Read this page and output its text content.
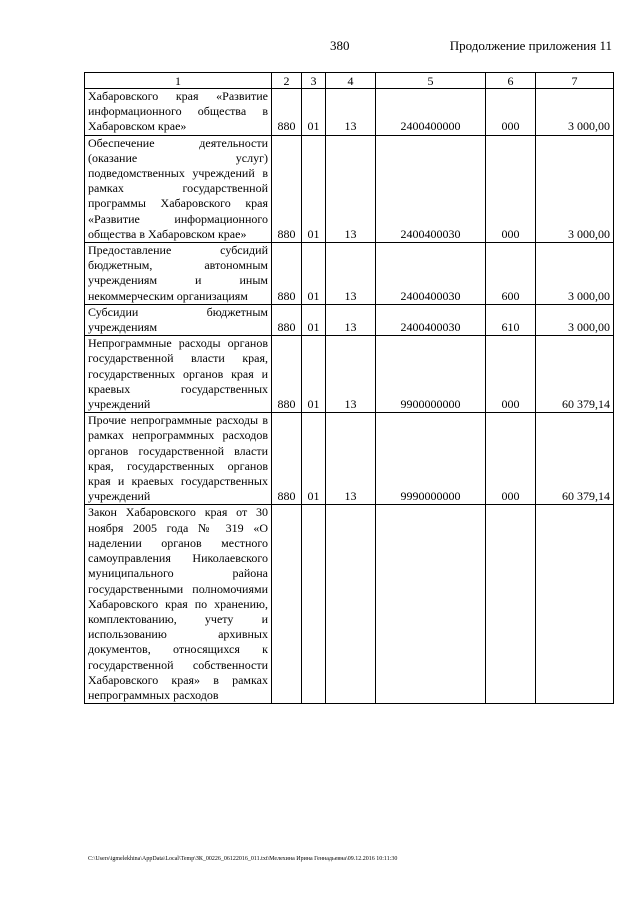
380	Продолжение приложения 11
1	2	3	4	5	6	7
Хабаровского края «Развитие информационного общества в Хабаровском крае»	880	01	13	2400400000	000	3 000,00
Обеспечение деятельности (оказание услуг) подведомственных учреждений в рамках государственной программы Хабаровского края «Развитие информационного общества в Хабаровском крае»	880	01	13	2400400030	000	3 000,00
Предоставление субсидий бюджетным, автономным учреждениям и иным некоммерческим организациям	880	01	13	2400400030	600	3 000,00
Субсидии бюджетным учреждениям	880	01	13	2400400030	610	3 000,00
Непрограммные расходы органов государственной власти края, государственных органов края и краевых государственных учреждений	880	01	13	9900000000	000	60 379,14
Прочие непрограммные расходы в рамках непрограммных расходов органов государственной власти края, государственных органов края и краевых государственных учреждений	880	01	13	9990000000	000	60 379,14
Закон Хабаровского края от 30 ноября 2005 года № 319 «О наделении органов местного самоуправления Николаевского муниципального района государственными полномочиями Хабаровского края по хранению, комплектованию, учету и использованию архивных документов, относящихся к государственной собственности Хабаровского края» в рамках непрограммных расходов						
C:\Users\igmelekhina\AppData\Local\Temp\ЗК_00226_06122016_011.txt\Мелехина Ирина Геннадьевна\09.12.2016 10:11:30
